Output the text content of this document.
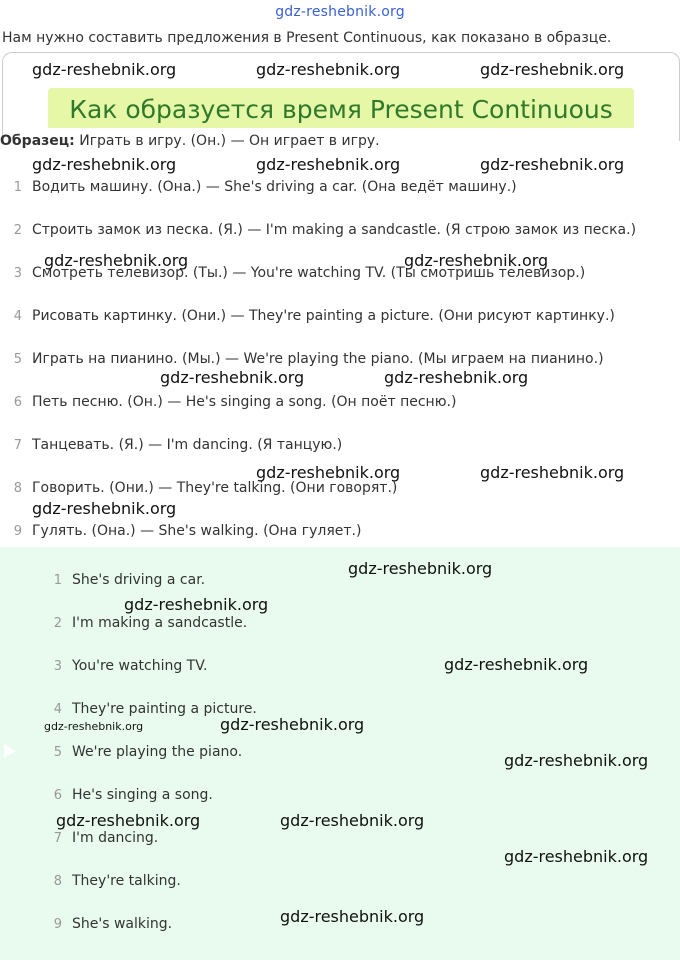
gdz-reshebnik.org
Нам нужно составить предложения в Present Continuous, как показано в образце.
Как образуется время Present Continuous
Образец: Играть в игру. (Он.) — Он играет в игру.
1 Водить машину. (Она.) — She's driving a car. (Она ведёт машину.)
2 Строить замок из песка. (Я.) — I'm making a sandcastle. (Я строю замок из песка.)
3 Смотреть телевизор. (Ты.) — You're watching TV. (Ты смотришь телевизор.)
4 Рисовать картинку. (Они.) — They're painting a picture. (Они рисуют картинку.)
5 Играть на пианино. (Мы.) — We're playing the piano. (Мы играем на пианино.)
6 Петь песню. (Он.) — He's singing a song. (Он поёт песню.)
7 Танцевать. (Я.) — I'm dancing. (Я танцую.)
8 Говорить. (Они.) — They're talking. (Они говорят.)
9 Гулять. (Она.) — She's walking. (Она гуляет.)
1 She's driving a car.
2 I'm making a sandcastle.
3 You're watching TV.
4 They're painting a picture.
5 We're playing the piano.
6 He's singing a song.
7 I'm dancing.
8 They're talking.
9 She's walking.
gdz-reshebnik.org	gdz-reshebnik.org	gdz-reshebnik.org
gdz-reshebnik.org	gdz-reshebnik.org	gdz-reshebnik.org
gdz-reshebnik.org	gdz-reshebnik.org
gdz-reshebnik.org	gdz-reshebnik.org
gdz-reshebnik.org	gdz-reshebnik.org
gdz-reshebnik.org
gdz-reshebnik.org
gdz-reshebnik.org
gdz-reshebnik.org
gdz-reshebnik.org	gdz-reshebnik.org
gdz-reshebnik.org
gdz-reshebnik.org	gdz-reshebnik.org
gdz-reshebnik.org
gdz-reshebnik.org
